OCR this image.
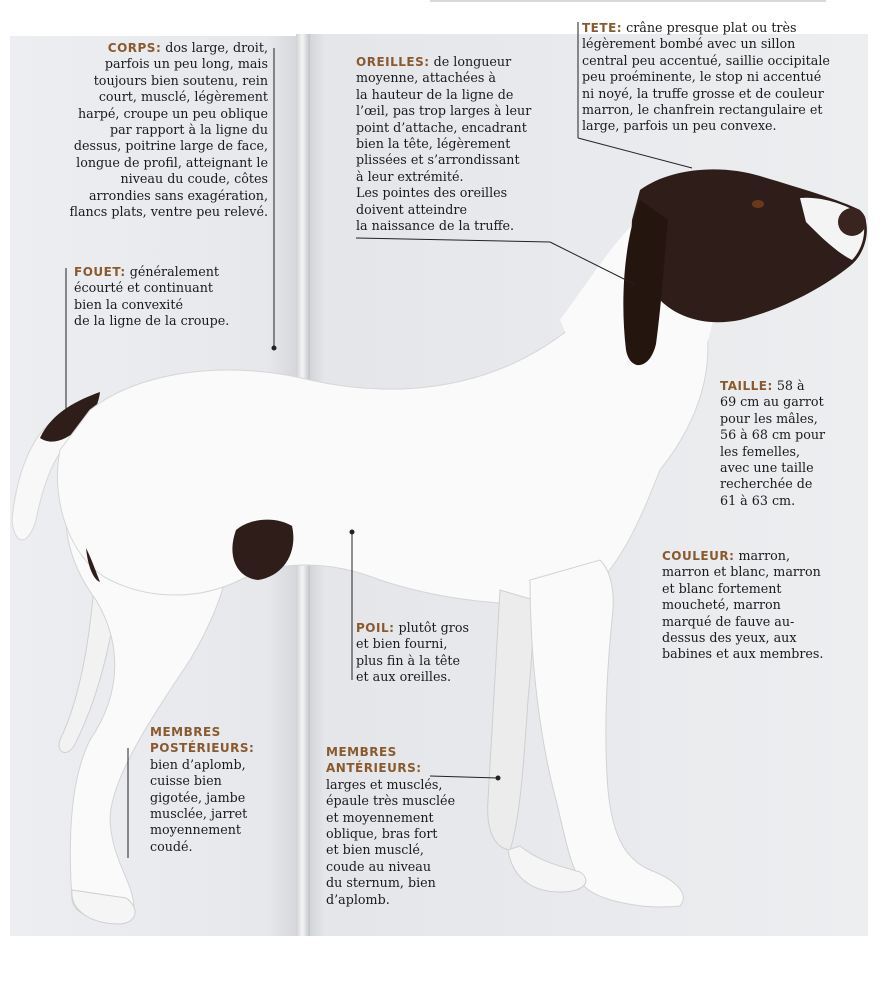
CORPS: dos large, droit,
parfois un peu long, mais
toujours bien soutenu, rein
court, musclé, légèrement
harpé, croupe un peu oblique
par rapport à la ligne du
dessus, poitrine large de face,
longue de profil, atteignant le
niveau du coude, côtes
arrondies sans exagération,
flancs plats, ventre peu relevé.
FOUET: généralement
écourté et continuant
bien la convexité
de la ligne de la croupe.
OREILLES: de longueur
moyenne, attachées à
la hauteur de la ligne de
l’œil, pas trop larges à leur
point d’attache, encadrant
bien la tête, légèrement
plissées et s’arrondissant
à leur extrémité.
Les pointes des oreilles
doivent atteindre
la naissance de la truffe.
TETE: crâne presque plat ou très
légèrement bombé avec un sillon
central peu accentué, saillie occipitale
peu proéminente, le stop ni accentué
ni noyé, la truffe grosse et de couleur
marron, le chanfrein rectangulaire et
large, parfois un peu convexe.
TAILLE: 58 à
69 cm au garrot
pour les mâles,
56 à 68 cm pour
les femelles,
avec une taille
recherchée de
61 à 63 cm.
COULEUR: marron,
marron et blanc, marron
et blanc fortement
moucheté, marron
marqué de fauve au-
dessus des yeux, aux
babines et aux membres.
POIL: plutôt gros
et bien fourni,
plus fin à la tête
et aux oreilles.
MEMBRES
POSTÉRIEURS:
bien d’aplomb,
cuisse bien
gigotée, jambe
musclée, jarret
moyennement
coudé.
MEMBRES
ANTÉRIEURS:
larges et musclés,
épaule très musclée
et moyennement
oblique, bras fort
et bien musclé,
coude au niveau
du sternum, bien
d’aplomb.
